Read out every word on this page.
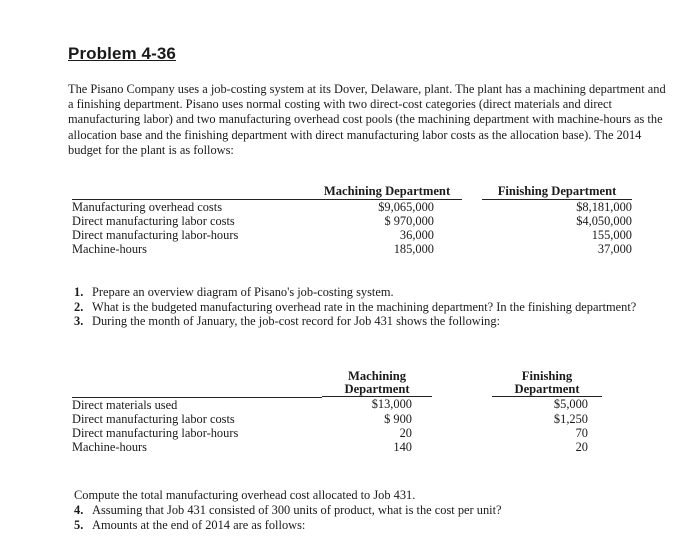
Problem 4-36
The Pisano Company uses a job-costing system at its Dover, Delaware, plant. The plant has a machining department and a finishing department. Pisano uses normal costing with two direct-cost categories (direct materials and direct manufacturing labor) and two manufacturing overhead cost pools (the machining department with machine-hours as the allocation base and the finishing department with direct manufacturing labor costs as the allocation base). The 2014 budget for the plant is as follows:
	Machining Department		Finishing Department
Manufacturing overhead costs	$9,065,000		$8,181,000
Direct manufacturing labor costs	$ 970,000		$4,050,000
Direct manufacturing labor-hours	36,000		155,000
Machine-hours	185,000		37,000
1. Prepare an overview diagram of Pisano's job-costing system.
2. What is the budgeted manufacturing overhead rate in the machining department? In the finishing department?
3. During the month of January, the job-cost record for Job 431 shows the following:

	Machining
Department		Finishing
Department

Direct materials used	$13,000		$5,000
Direct manufacturing labor costs	$ 900		$1,250
Direct manufacturing labor-hours	20		70
Machine-hours	140		20
Compute the total manufacturing overhead cost allocated to Job 431.
4. Assuming that Job 431 consisted of 300 units of product, what is the cost per unit?
5. Amounts at the end of 2014 are as follows:
